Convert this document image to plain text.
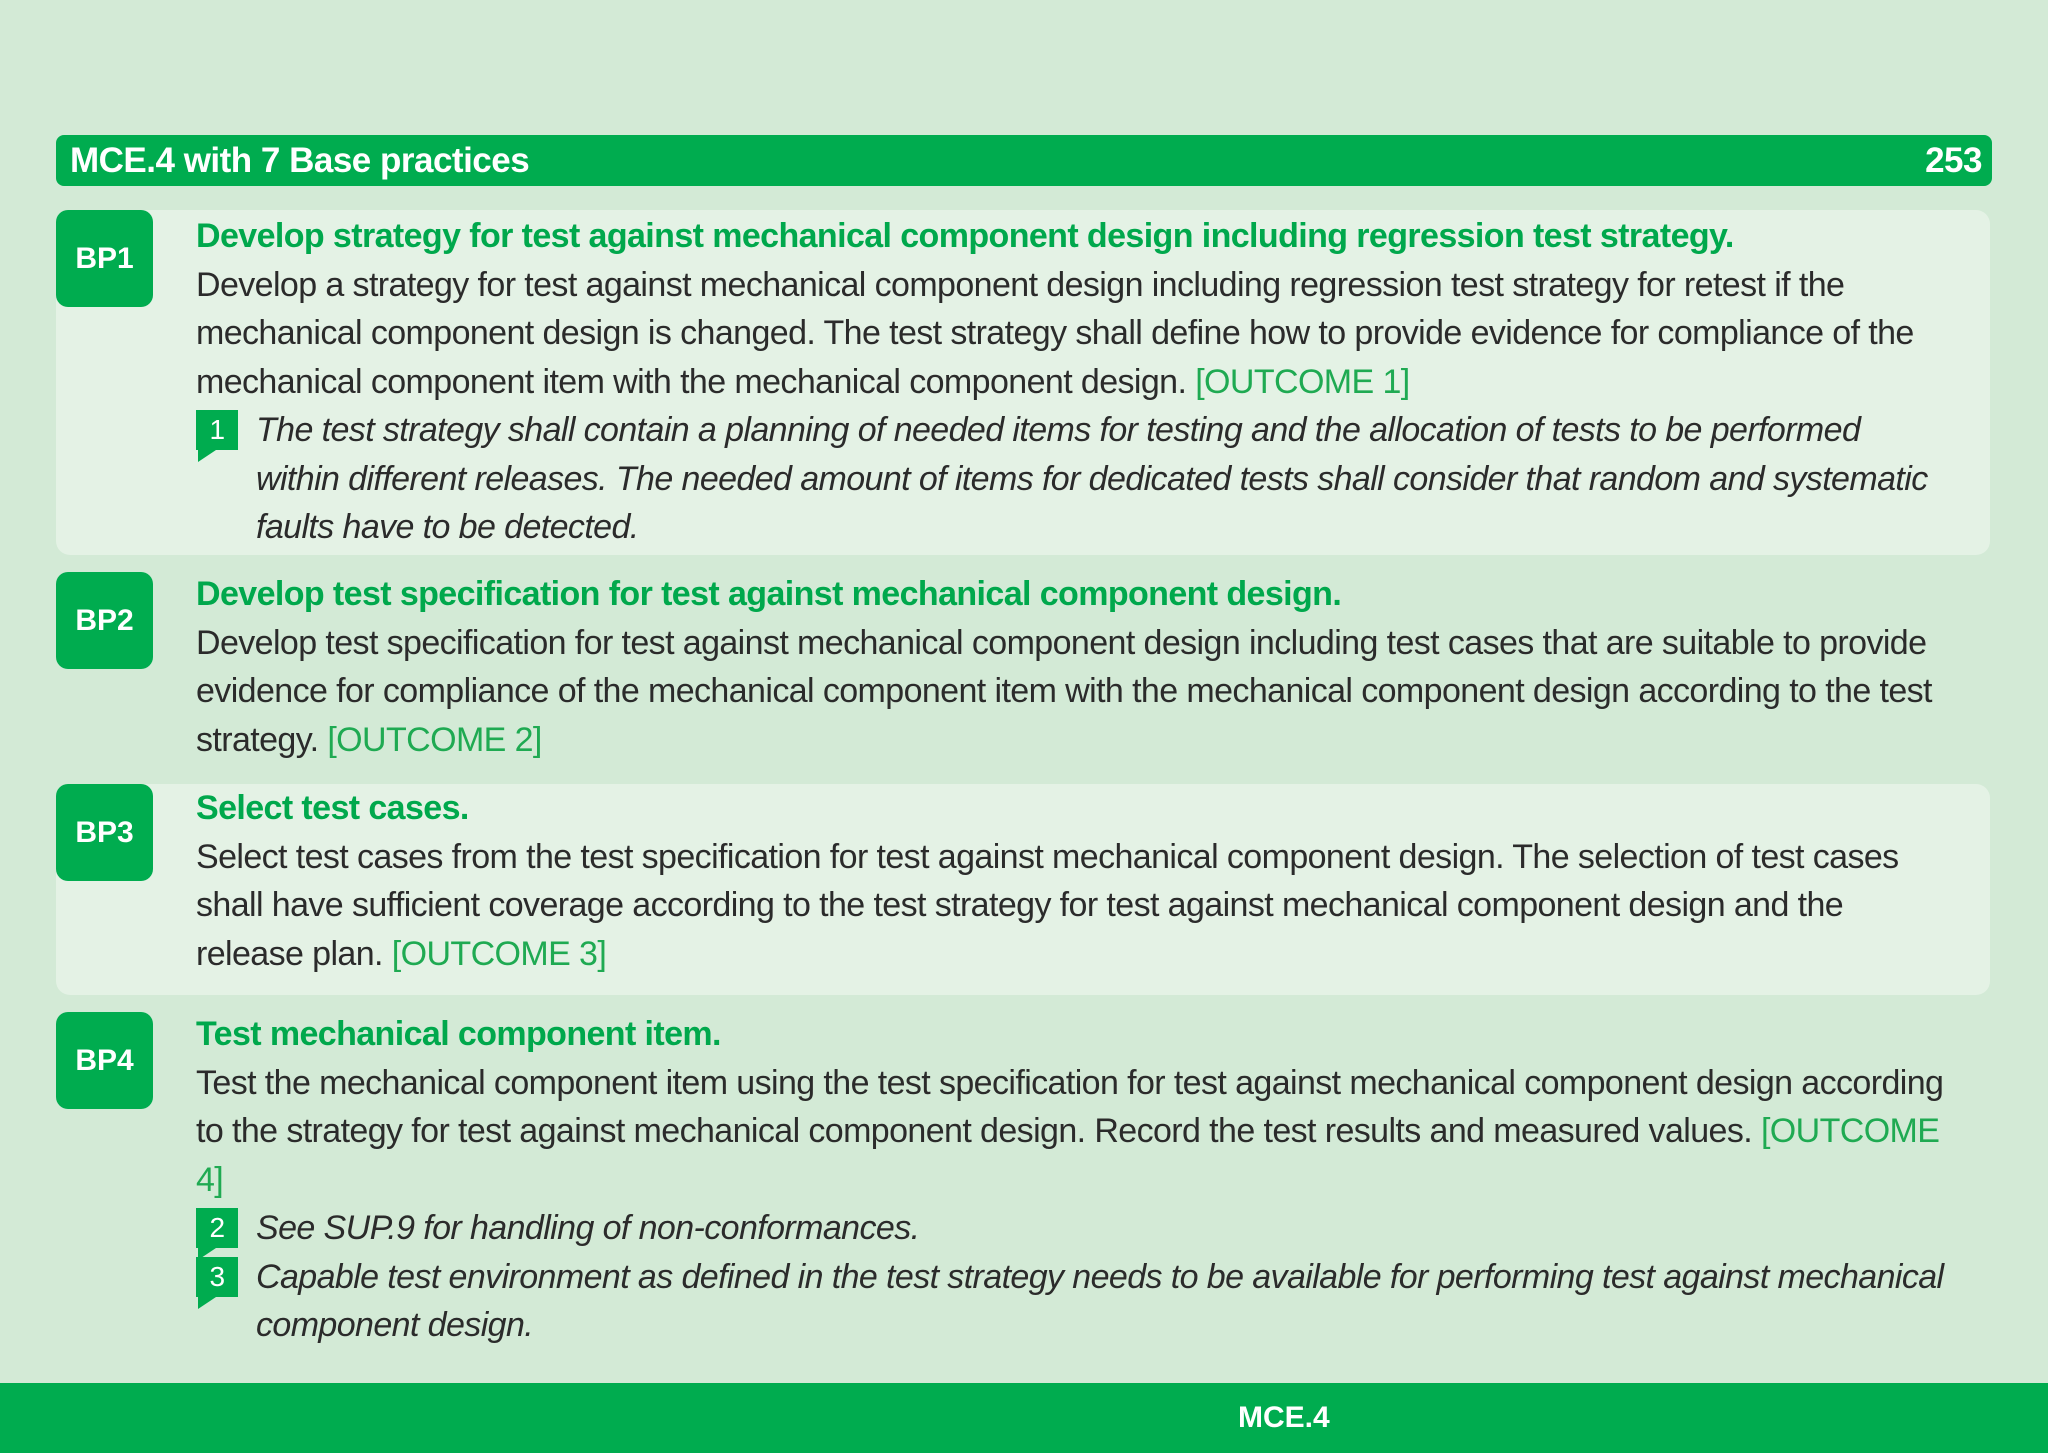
MCE.4 with 7 Base practices	253
BP1

Develop strategy for test against mechanical component design including regression test strategy.

Develop a strategy for test against mechanical component design including regression test strategy for retest if the mechanical component design is changed. The test strategy shall define how to provide evidence for compliance of the mechanical component item with the mechanical component design. [OUTCOME 1]

1 The test strategy shall contain a planning of needed items for testing and the allocation of tests to be performed within different releases. The needed amount of items for dedicated tests shall consider that random and systematic faults have to be detected.
BP2

Develop test specification for test against mechanical component design.

Develop test specification for test against mechanical component design including test cases that are suitable to provide evidence for compliance of the mechanical component item with the mechanical component design according to the test strategy. [OUTCOME 2]

BP3

Select test cases.

Select test cases from the test specification for test against mechanical component design. The selection of test cases shall have sufficient coverage according to the test strategy for test against mechanical component design and the release plan. [OUTCOME 3]

BP4

Test mechanical component item.

Test the mechanical component item using the test specification for test against mechanical component design according to the strategy for test against mechanical component design. Record the test results and measured values. [OUTCOME 4]

2 See SUP.9 for handling of non-conformances.
3 Capable test environment as defined in the test strategy needs to be available for performing test against mechanical component design.
MCE.4
